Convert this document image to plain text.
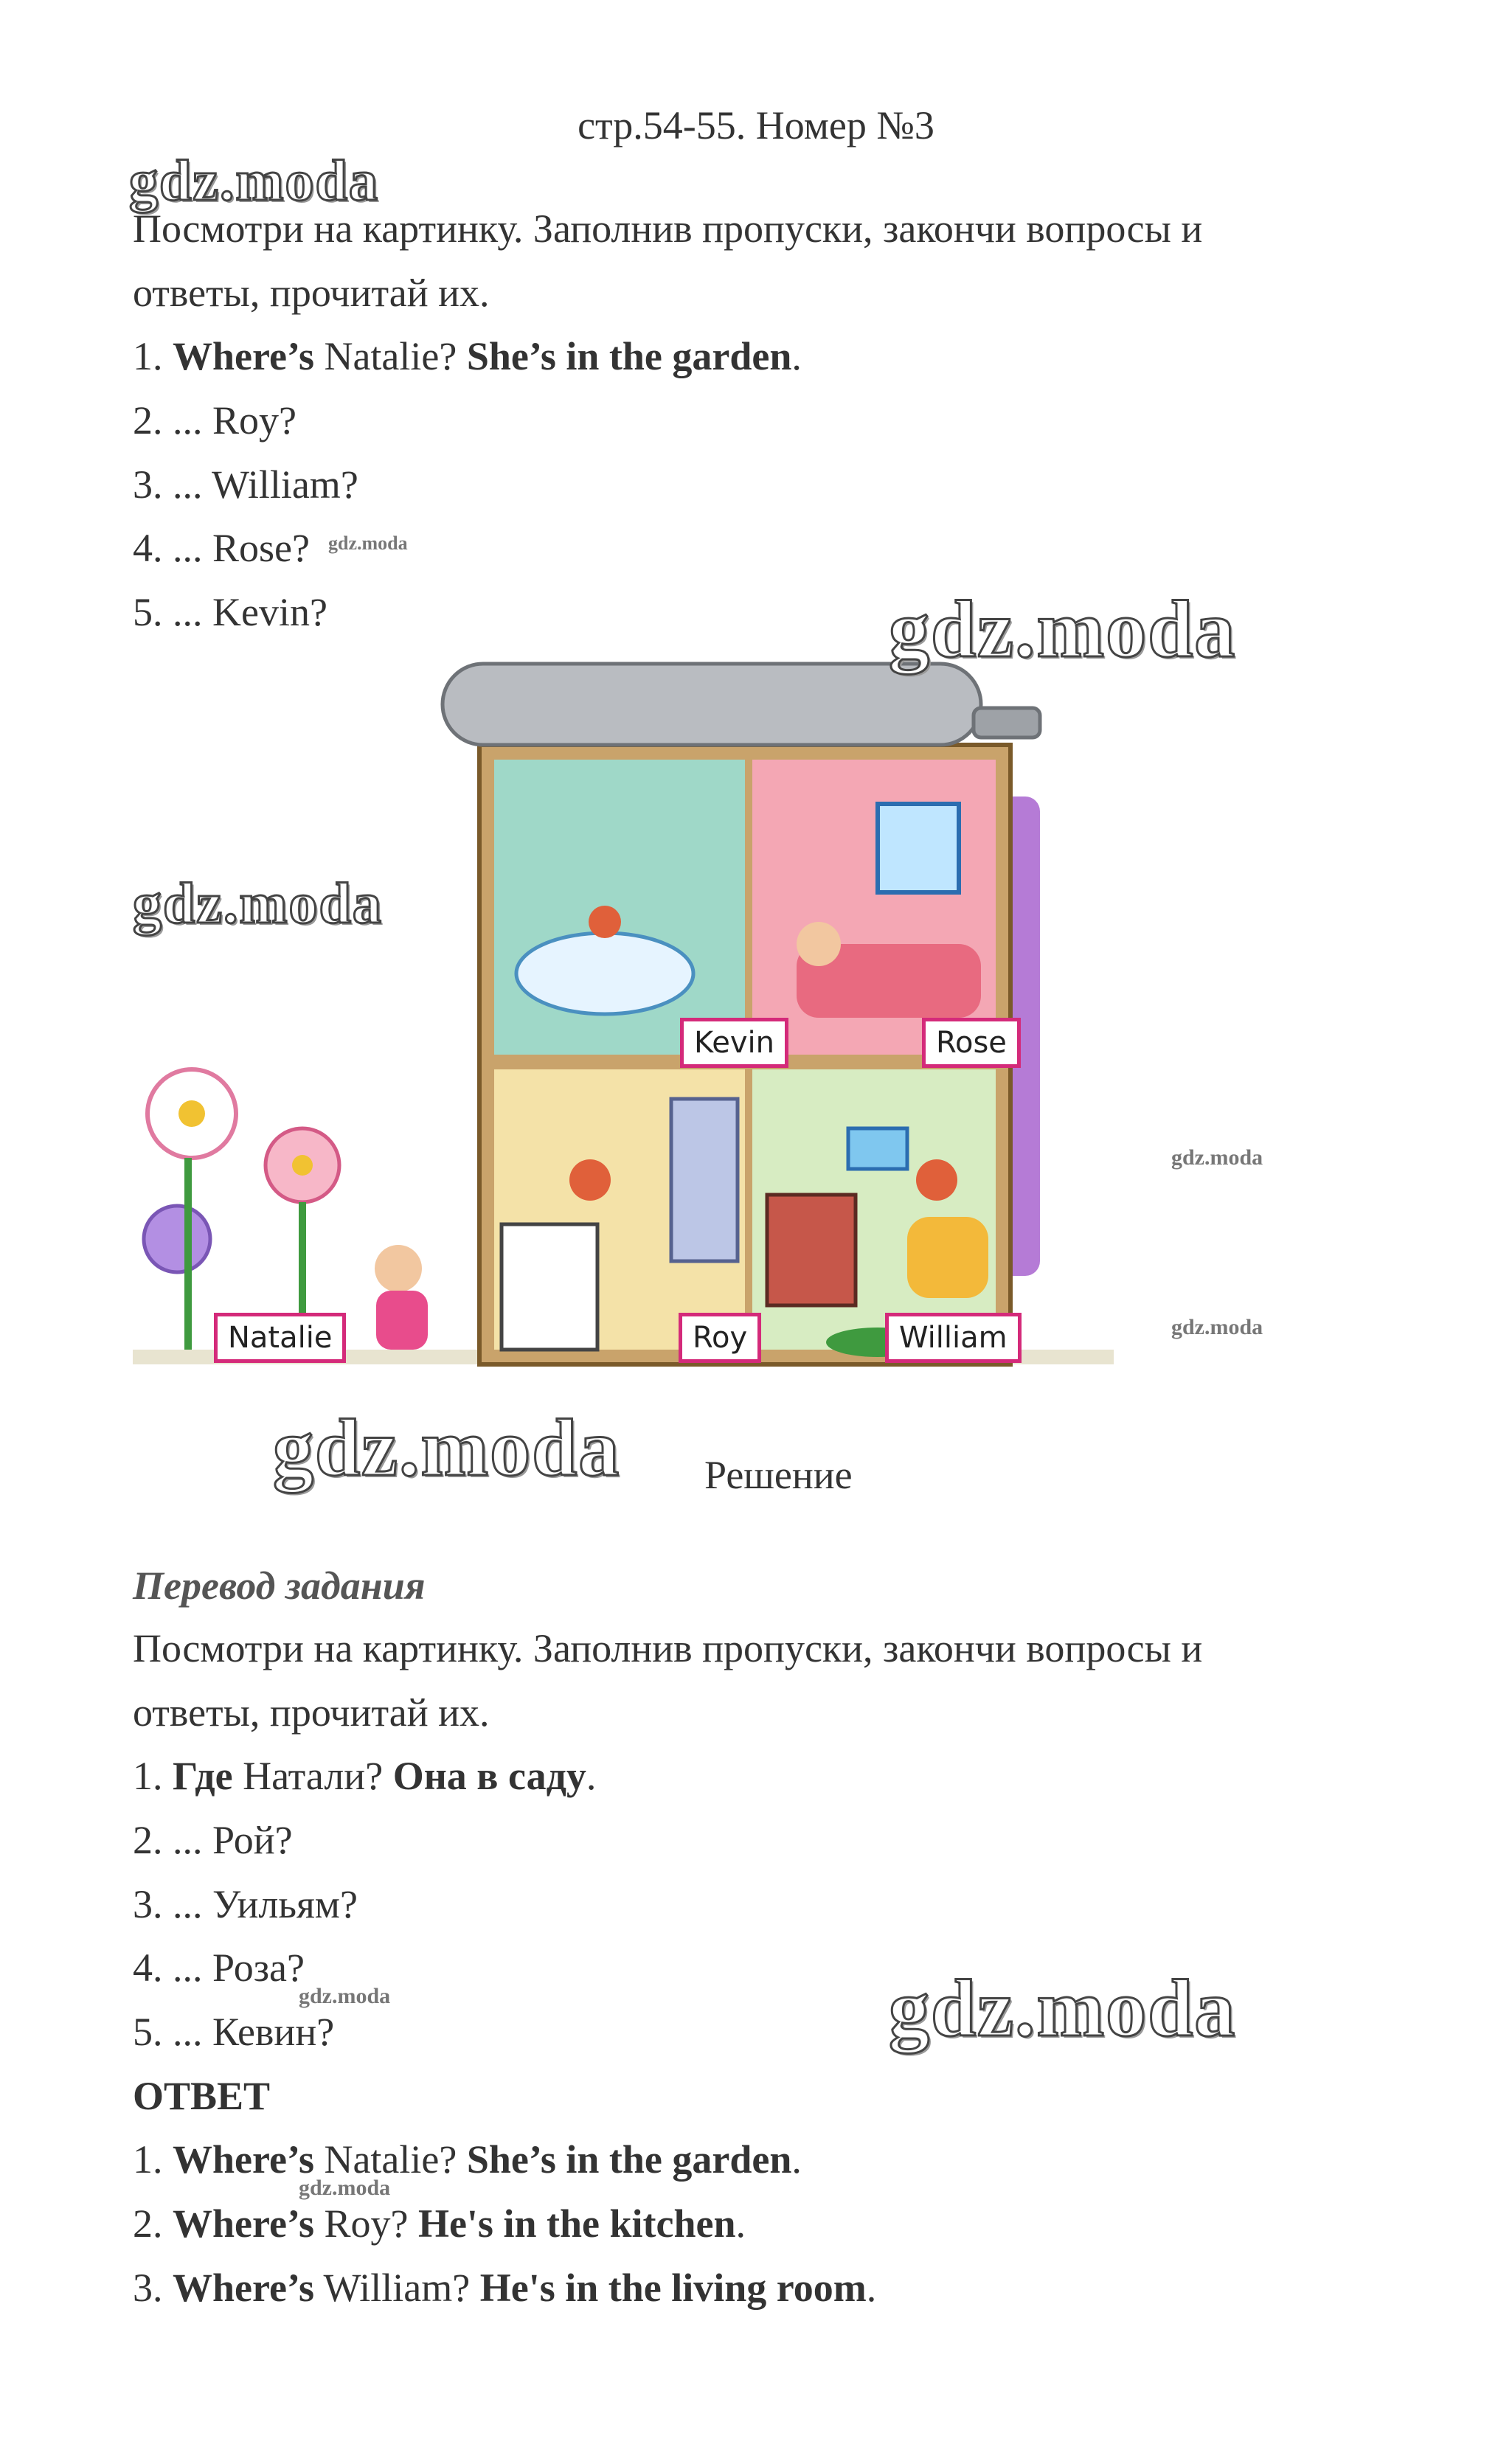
стр.54-55. Номер №3
Посмотри на картинку. Заполнив пропуски, закончи вопросы и
ответы, прочитай их.
1. Where’s Natalie? She’s in the garden.
2. ... Roy?
3. ... William?
4. ... Rose?
5. ... Kevin?
Kevin	Rose
Natalie	Roy	William
Решение
Перевод задания
Посмотри на картинку. Заполнив пропуски, закончи вопросы и
ответы, прочитай их.
1. Где Натали? Она в саду.
2. ... Рой?
3. ... Уильям?
4. ... Роза?
5. ... Кевин?
ОТВЕТ
1. Where’s Natalie? She’s in the garden.
2. Where’s Roy? He's in the kitchen.
3. Where’s William? He's in the living room.
gdz.moda
gdz.moda
gdz.moda
gdz.moda
gdz.moda
gdz.moda
gdz.moda
gdz.moda	gdz.moda
gdz.moda
